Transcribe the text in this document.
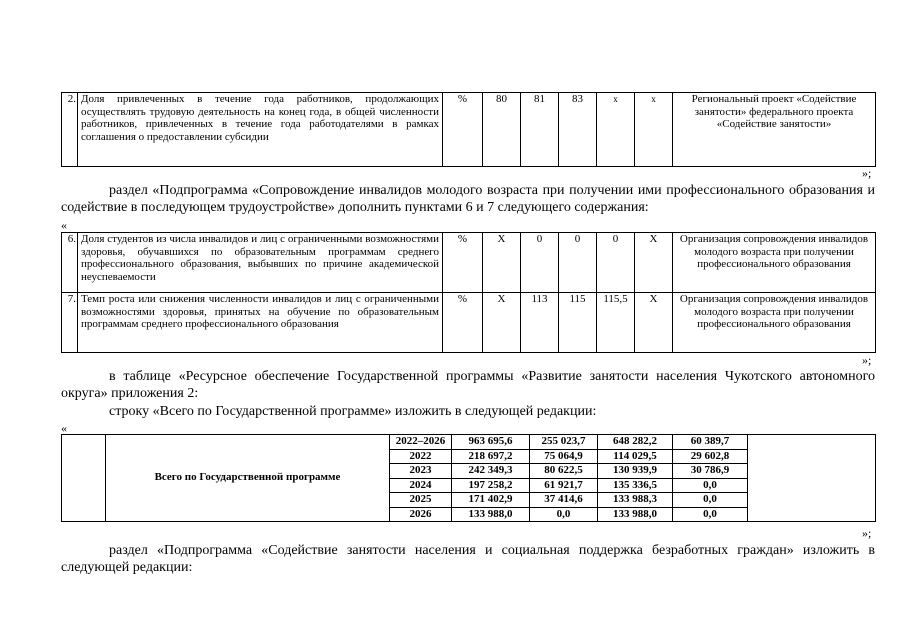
2.	Доля привлеченных в течение года работников, продолжающих осуществлять трудовую деятельность на конец года, в общей численности работников, привлеченных в течение года работодателями в рамках соглашения о предоставлении субсидии	%	80	81	83	x	x	Региональный проект «Содействие занятости» федерального проекта «Содействие занятости»
»;
раздел «Подпрограмма «Сопровождение инвалидов молодого возраста при получении ими профессионального образования и содействие в последующем трудоустройстве» дополнить пунктами 6 и 7 следующего содержания:
«
6.	Доля студентов из числа инвалидов и лиц с ограниченными возможностями здоровья, обучавшихся по образовательным программам среднего профессионального образования, выбывших по причине академической неуспеваемости	%	X	0	0	0	X	Организация сопровождения инвалидов молодого возраста при получении профессионального образования
7.	Темп роста или снижения численности инвалидов и лиц с ограниченными возможностями здоровья, принятых на обучение по образовательным программам среднего профессионального образования	%	X	113	115	115,5	X	Организация сопровождения инвалидов молодого возраста при получении профессионального образования
»;
в таблице «Ресурсное обеспечение Государственной программы «Развитие занятости населения Чукотского автономного округа» приложения 2:
строку «Всего по Государственной программе» изложить в следующей редакции:
«
	Всего по Государственной программе	2022–2026	963 695,6	255 023,7	648 282,2	60 389,7	
		2022	218 697,2	75 064,9	114 029,5	29 602,8	
		2023	242 349,3	80 622,5	130 939,9	30 786,9	
		2024	197 258,2	61 921,7	135 336,5	0,0	
		2025	171 402,9	37 414,6	133 988,3	0,0	
		2026	133 988,0	0,0	133 988,0	0,0	
»;
раздел «Подпрограмма «Содействие занятости населения и социальная поддержка безработных граждан» изложить в следующей редакции:
